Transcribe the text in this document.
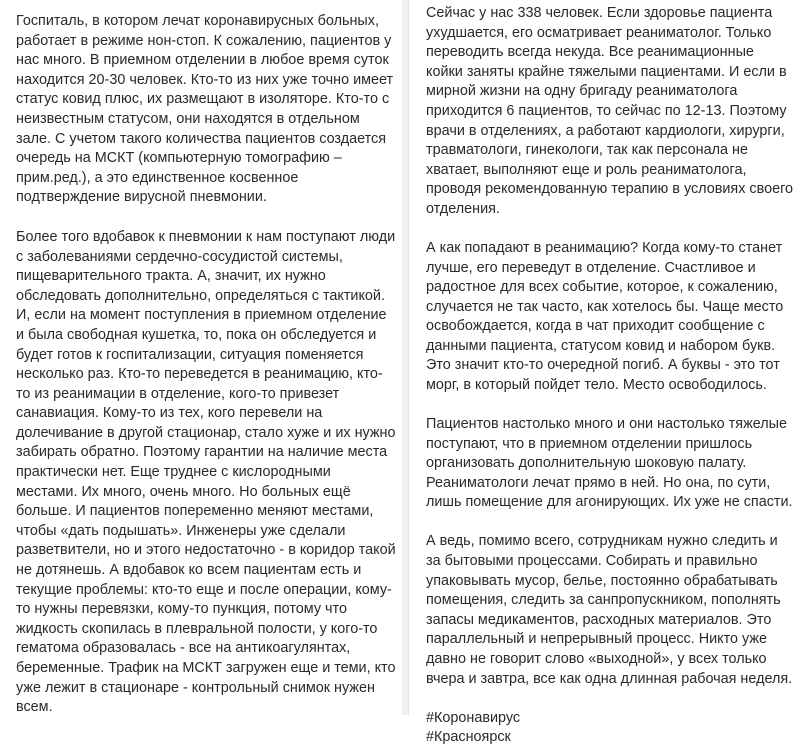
Госпиталь, в котором лечат коронавирусных больных, работает в режиме нон-стоп. К сожалению, пациентов у нас много. В приемном отделении в любое время суток находится 20-30 человек. Кто-то из них уже точно имеет статус ковид плюс, их размещают в изоляторе. Кто-то с неизвестным статусом, они находятся в отдельном зале. С учетом такого количества пациентов создается очередь на МСКТ (компьютерную томографию – прим.ред.), а это единственное косвенное подтверждение вирусной пневмонии.

Более того вдобавок к пневмонии к нам поступают люди с заболеваниями сердечно-сосудистой системы, пищеварительного тракта. А, значит, их нужно обследовать дополнительно, определяться с тактикой. И, если на момент поступления в приемном отделение и была свободная кушетка, то, пока он обследуется и будет готов к госпитализации, ситуация поменяется несколько раз. Кто-то переведется в реанимацию, кто-то из реанимации в отделение, кого-то привезет санавиация. Кому-то из тех, кого перевели на долечивание в другой стационар, стало хуже и их нужно забирать обратно. Поэтому гарантии на наличие места практически нет. Еще труднее с кислородными местами. Их много, очень много. Но больных ещё больше. И пациентов попеременно меняют местами, чтобы «дать подышать». Инженеры уже сделали разветвители, но и этого недостаточно - в коридор такой не дотянешь. А вдобавок ко всем пациентам есть и текущие проблемы: кто-то еще и после операции, кому-то нужны перевязки, кому-то пункция, потому что жидкость скопилась в плевральной полости, у кого-то гематома образовалась - все на антикоагулянтах, беременные. Трафик на МСКТ загружен еще и теми, кто уже лежит в стационаре - контрольный снимок нужен всем.

Сейчас у нас 338 человек. Если здоровье пациента ухудшается, его осматривает реаниматолог. Только переводить всегда некуда. Все реанимационные койки заняты крайне тяжелыми пациентами. И если в мирной жизни на одну бригаду реаниматолога приходится 6 пациентов, то сейчас по 12-13. Поэтому врачи в отделениях, а работают кардиологи, хирурги, травматологи, гинекологи, так как персонала не хватает, выполняют еще и роль реаниматолога, проводя рекомендованную терапию в условиях своего отделения.

А как попадают в реанимацию? Когда кому-то станет лучше, его переведут в отделение. Счастливое и радостное для всех событие, которое, к сожалению, случается не так часто, как хотелось бы. Чаще место освобождается, когда в чат приходит сообщение с данными пациента, статусом ковид и набором букв. Это значит кто-то очередной погиб. А буквы - это тот морг, в который пойдет тело. Место освободилось.

Пациентов настолько много и они настолько тяжелые поступают, что в приемном отделении пришлось организовать дополнительную шоковую палату. Реаниматологи лечат прямо в ней. Но она, по сути, лишь помещение для агонирующих. Их уже не спасти.

А ведь, помимо всего, сотрудникам нужно следить и за бытовыми процессами. Собирать и правильно упаковывать мусор, белье, постоянно обрабатывать помещения, следить за санпропускником, пополнять запасы медикаментов, расходных материалов. Это параллельный и непрерывный процесс. Никто уже давно не говорит слово «выходной», у всех только вчера и завтра, все как одна длинная рабочая неделя.

#Коронавирус
#Красноярск
